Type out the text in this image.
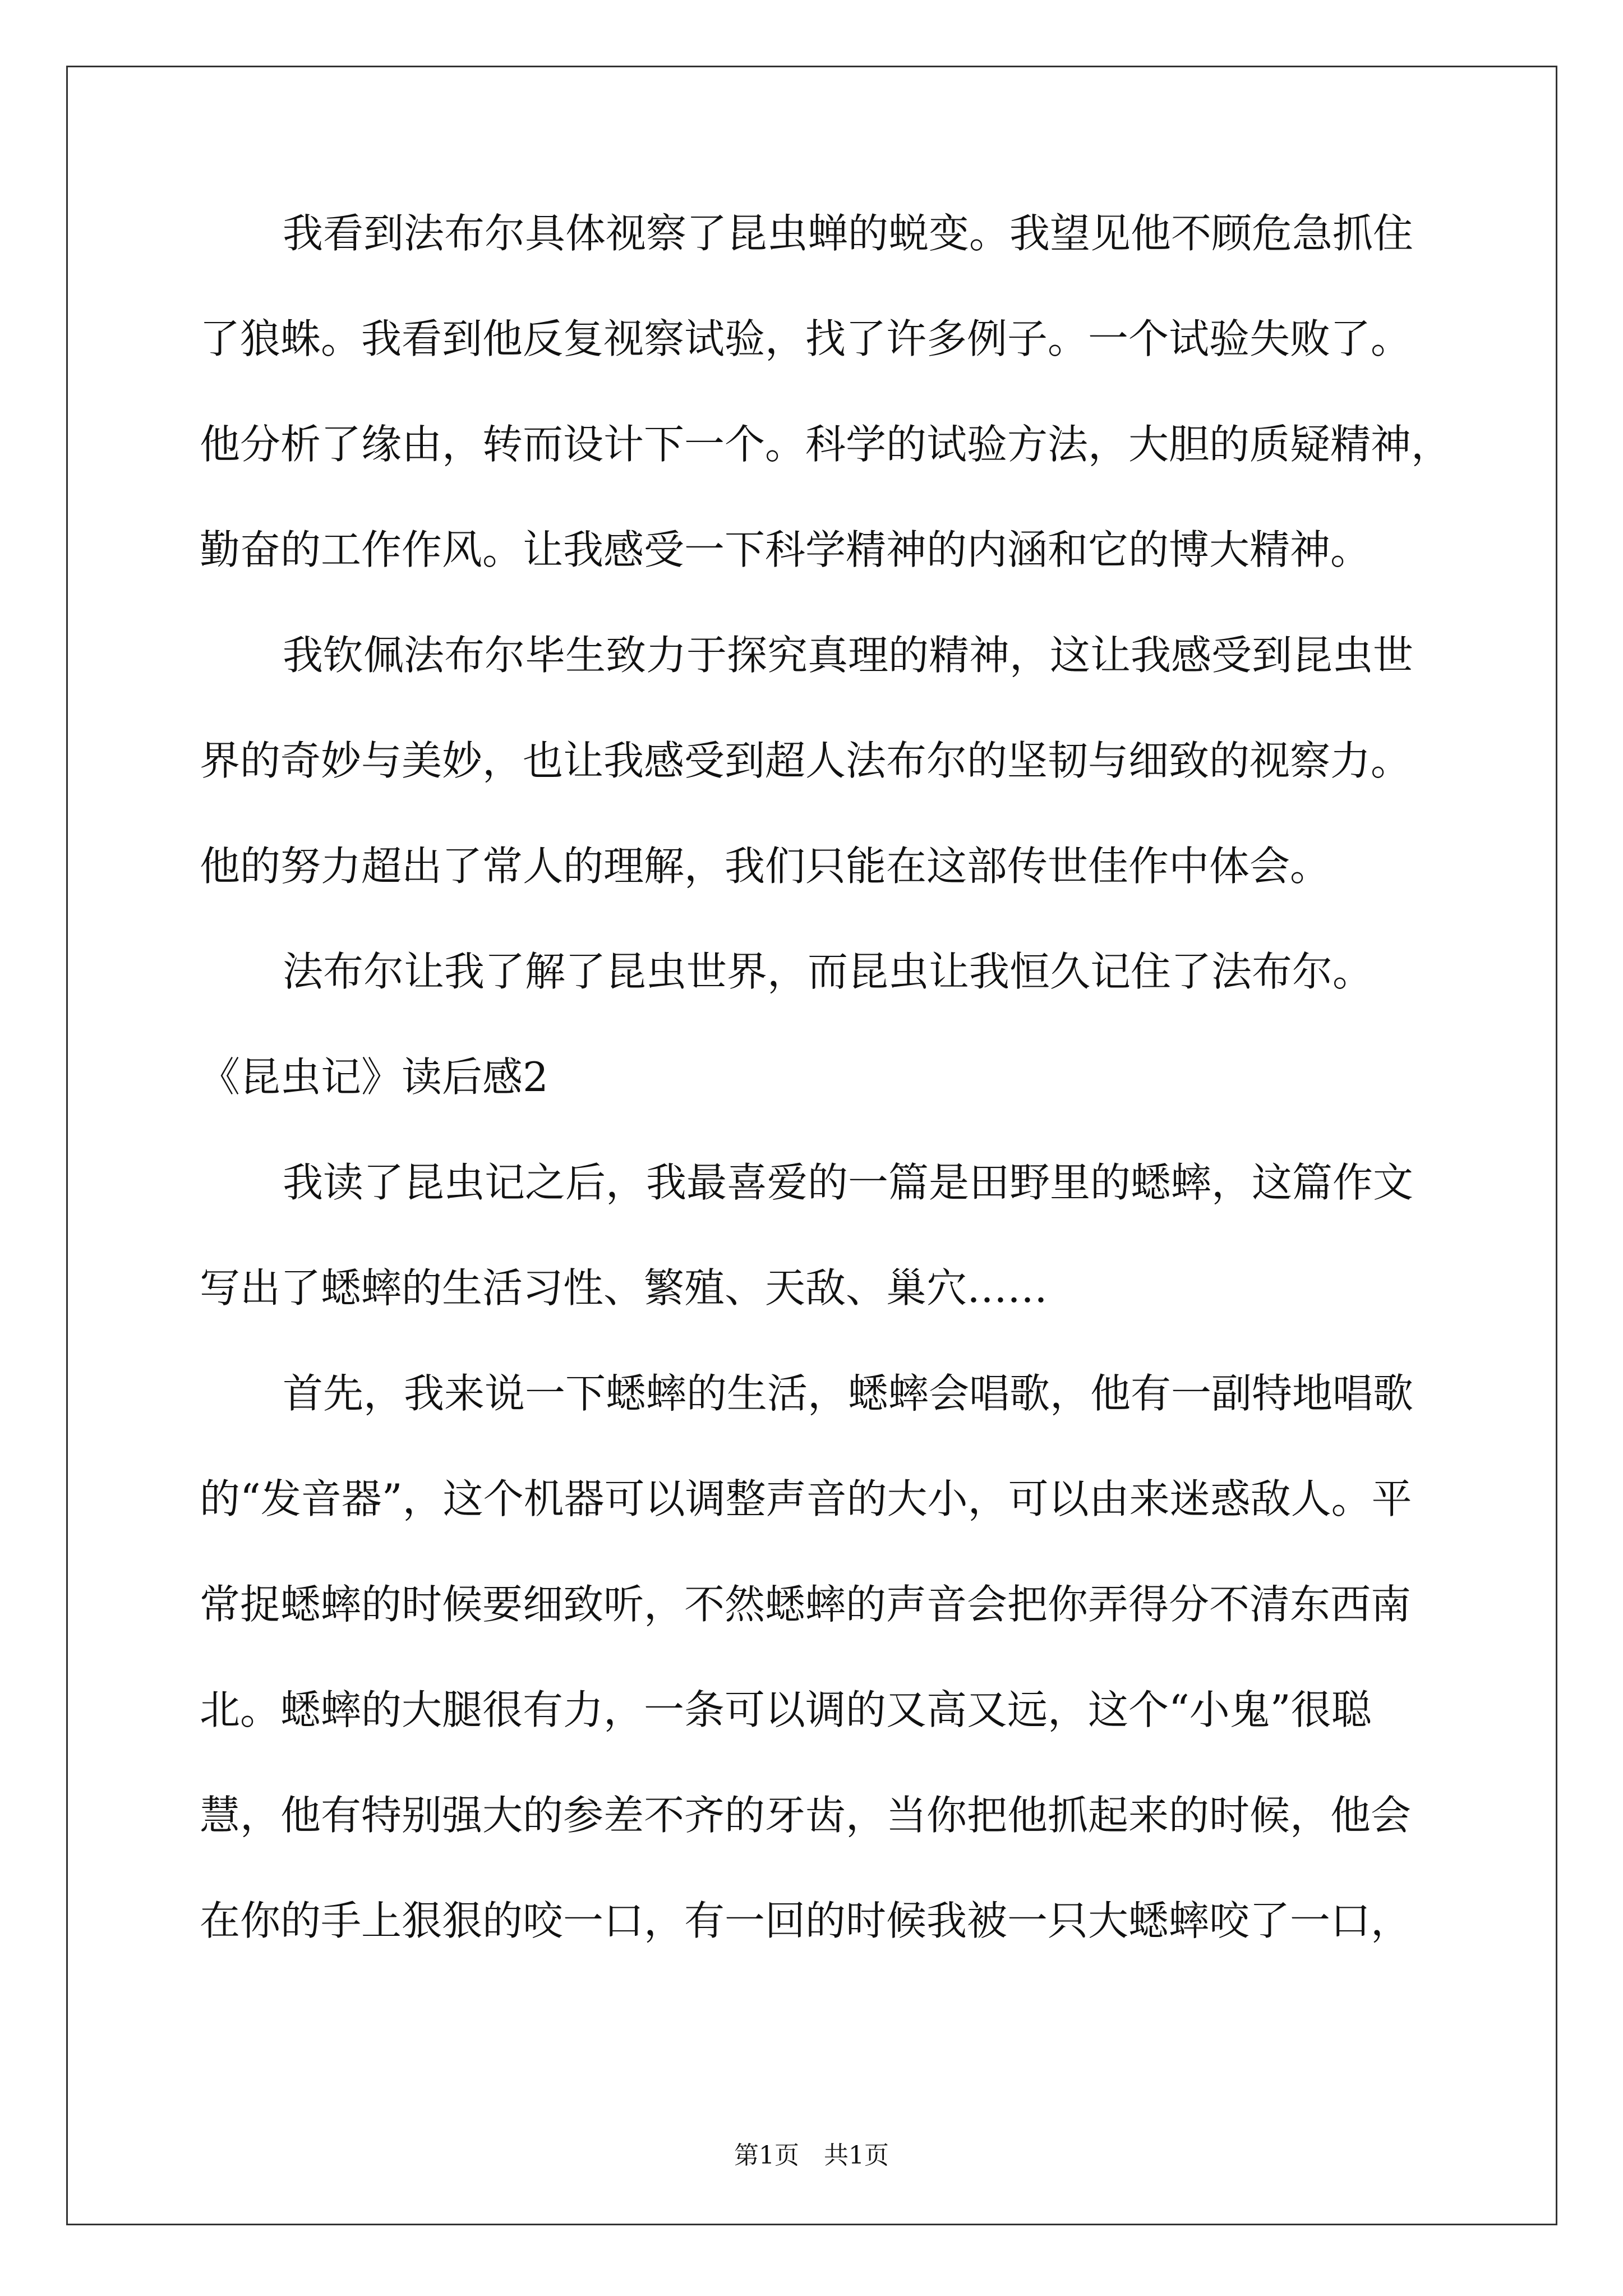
我看到法布尔具体视察了昆虫蝉的蜕变。我望见他不顾危急抓住
了狼蛛。我看到他反复视察试验，找了许多例子。一个试验失败了。
他分析了缘由，转而设计下一个。科学的试验方法，大胆的质疑精神，
勤奋的工作作风。让我感受一下科学精神的内涵和它的博大精神。
我钦佩法布尔毕生致力于探究真理的精神，这让我感受到昆虫世
界的奇妙与美妙，也让我感受到超人法布尔的坚韧与细致的视察力。
他的努力超出了常人的理解，我们只能在这部传世佳作中体会。
法布尔让我了解了昆虫世界，而昆虫让我恒久记住了法布尔。
《昆虫记》读后感2
我读了昆虫记之后，我最喜爱的一篇是田野里的蟋蟀，这篇作文
写出了蟋蟀的生活习性、繁殖、天敌、巢穴……
首先，我来说一下蟋蟀的生活，蟋蟀会唱歌，他有一副特地唱歌
的“发音器”，这个机器可以调整声音的大小，可以由来迷惑敌人。平
常捉蟋蟀的时候要细致听，不然蟋蟀的声音会把你弄得分不清东西南
北。蟋蟀的大腿很有力，一条可以调的又高又远，这个“小鬼”很聪
慧，他有特别强大的参差不齐的牙齿，当你把他抓起来的时候，他会
在你的手上狠狠的咬一口，有一回的时候我被一只大蟋蟀咬了一口，
第1页　共1页
